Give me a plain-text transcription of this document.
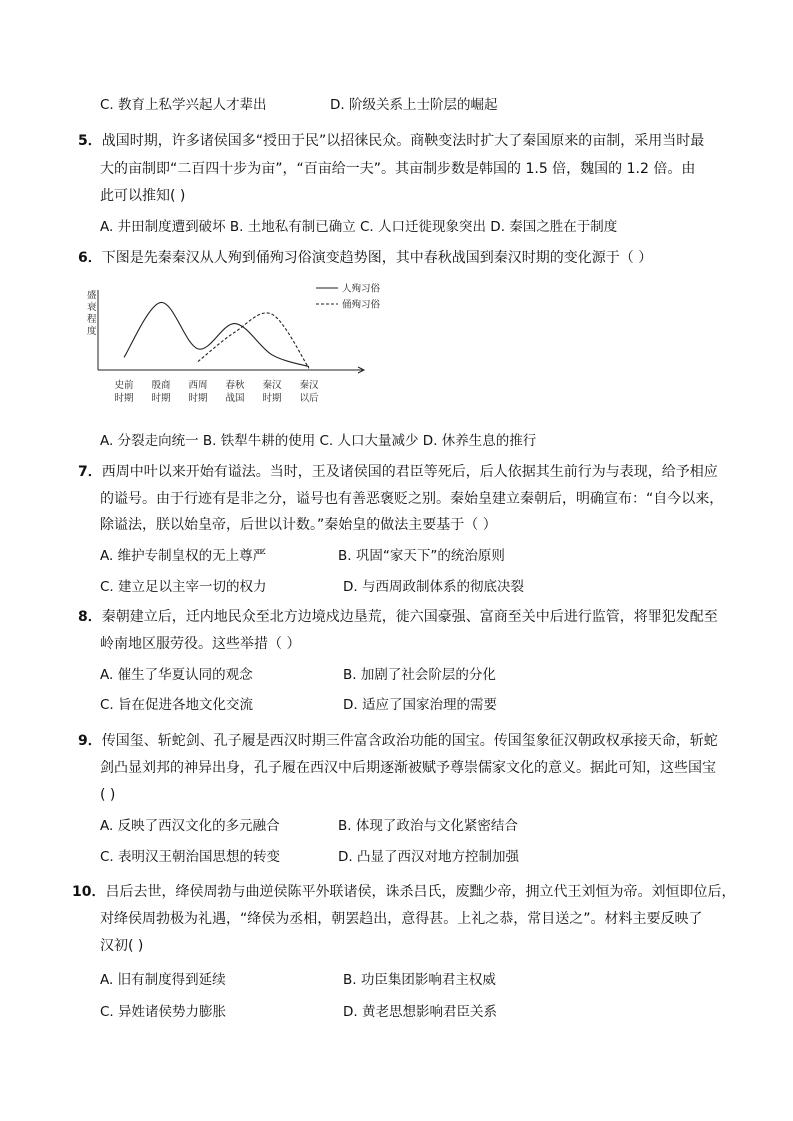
C. 教育上私学兴起人才辈出	D. 阶级关系上士阶层的崛起
5．战国时期，许多诸侯国多“授田于民”以招徕民众。商鞅变法时扩大了秦国原来的亩制，采用当时最
大的亩制即“二百四十步为亩”，“百亩给一夫”。其亩制步数是韩国的 1.5 倍，魏国的 1.2 倍。由
此可以推知( )
A. 井田制度遭到破坏 B. 土地私有制已确立 C. 人口迁徙现象突出 D. 秦国之胜在于制度
6．下图是先秦秦汉从人殉到俑殉习俗演变趋势图，其中春秋战国到秦汉时期的变化源于（ ）
盛
衰
程
度
史前
时期
殷商
时期
西周
时期
春秋
战国
秦汉
时期
秦汉
以后
人殉习俗
俑殉习俗
A. 分裂走向统一 B. 铁犁牛耕的使用 C. 人口大量减少 D. 休养生息的推行
7．西周中叶以来开始有谥法。当时，王及诸侯国的君臣等死后，后人依据其生前行为与表现，给予相应
的谥号。由于行迹有是非之分，谥号也有善恶褒贬之别。秦始皇建立秦朝后，明确宣布：“自今以来，
除谥法，朕以始皇帝，后世以计数。”秦始皇的做法主要基于（ ）
A. 维护专制皇权的无上尊严	B. 巩固“家天下”的统治原则
C. 建立足以主宰一切的权力	D. 与西周政制体系的彻底决裂
8．秦朝建立后，迁内地民众至北方边境戍边垦荒，徙六国豪强、富商至关中后进行监管，将罪犯发配至
岭南地区服劳役。这些举措（ ）
A. 催生了华夏认同的观念	B. 加剧了社会阶层的分化
C. 旨在促进各地文化交流	D. 适应了国家治理的需要
9．传国玺、斩蛇剑、孔子履是西汉时期三件富含政治功能的国宝。传国玺象征汉朝政权承接天命，斩蛇
剑凸显刘邦的神异出身，孔子履在西汉中后期逐渐被赋予尊崇儒家文化的意义。据此可知，这些国宝
( )
A. 反映了西汉文化的多元融合	B. 体现了政治与文化紧密结合
C. 表明汉王朝治国思想的转变	D. 凸显了西汉对地方控制加强
10．吕后去世，绛侯周勃与曲逆侯陈平外联诸侯，诛杀吕氏，废黜少帝，拥立代王刘恒为帝。刘恒即位后，
对绛侯周勃极为礼遇，“绛侯为丞相，朝罢趋出，意得甚。上礼之恭，常目送之”。材料主要反映了
汉初( )
A. 旧有制度得到延续	B. 功臣集团影响君主权威
C. 异姓诸侯势力膨胀	D. 黄老思想影响君臣关系
